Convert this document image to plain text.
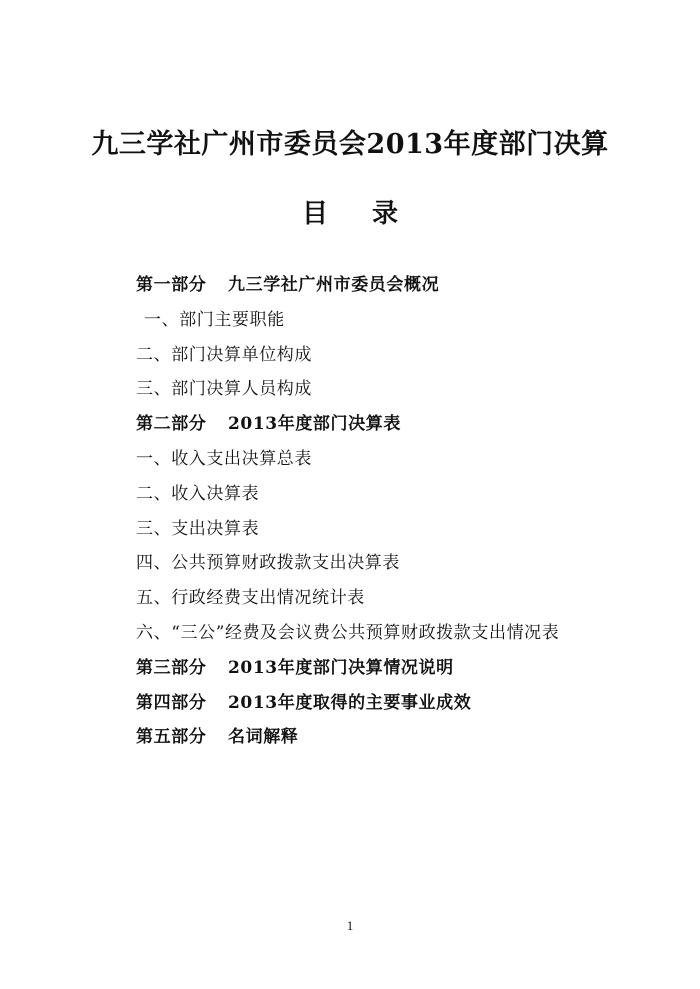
九三学社广州市委员会2013年度部门决算
目 录
第一部分 九三学社广州市委员会概况
一、部门主要职能
二、部门决算单位构成
三、部门决算人员构成
第二部分 2013年度部门决算表
一、收入支出决算总表
二、收入决算表
三、支出决算表
四、公共预算财政拨款支出决算表
五、行政经费支出情况统计表
六、“三公”经费及会议费公共预算财政拨款支出情况表
第三部分 2013年度部门决算情况说明
第四部分 2013年度取得的主要事业成效
第五部分 名词解释
1
